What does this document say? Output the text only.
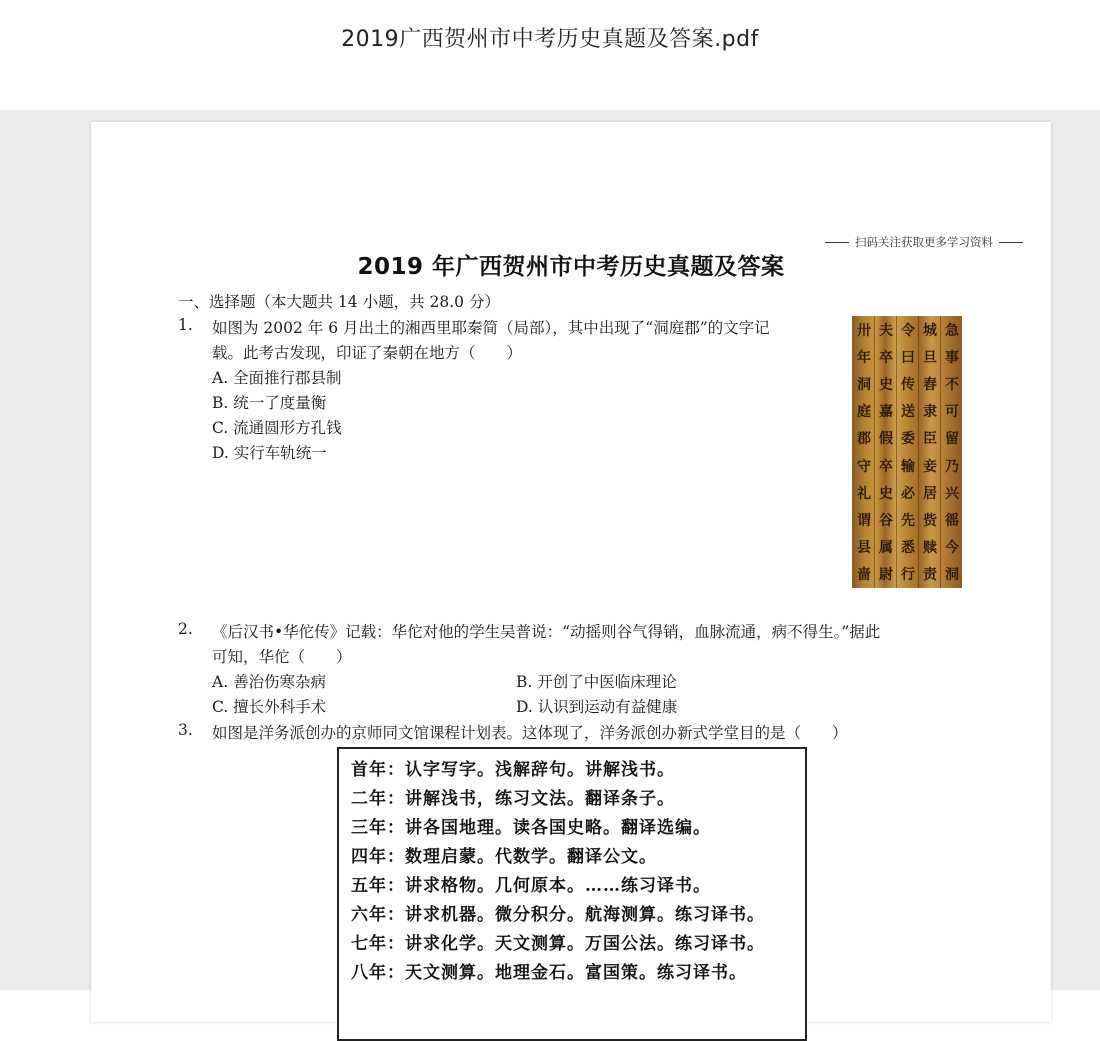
2019广西贺州市中考历史真题及答案.pdf
扫码关注获取更多学习资料
2019 年广西贺州市中考历史真题及答案
一、选择题（本大题共 14 小题，共 28.0 分）
1. 如图为 2002 年 6 月出土的湘西里耶秦简（局部），其中出现了“洞庭郡”的文字记
载。此考古发现，印证了秦朝在地方（　　）
A. 全面推行郡县制
B. 统一了度量衡
C. 流通圆形方孔钱
D. 实行车轨统一
卅
年
洞
庭
郡
守
礼
谓
县
啬
夫
卒
史
嘉
假
卒
史
谷
属
尉
令
曰
传
送
委
输
必
先
悉
行
城
旦
舂
隶
臣
妾
居
赀
赎
责
急
事
不
可
留
乃
兴
徭
今
洞
2. 《后汉书•华佗传》记载：华佗对他的学生吴普说：“动摇则谷气得销，血脉流通，病不得生。”据此
可知，华佗（　　）
A. 善治伤寒杂病	B. 开创了中医临床理论
C. 擅长外科手术	D. 认识到运动有益健康
3. 如图是洋务派创办的京师同文馆课程计划表。这体现了，洋务派创办新式学堂目的是（　　）
首年：认字写字。浅解辞句。讲解浅书。
二年：讲解浅书，练习文法。翻译条子。
三年：讲各国地理。读各国史略。翻译选编。
四年：数理启蒙。代数学。翻译公文。
五年：讲求格物。几何原本。……练习译书。
六年：讲求机器。微分积分。航海测算。练习译书。
七年：讲求化学。天文测算。万国公法。练习译书。
八年：天文测算。地理金石。富国策。练习译书。
